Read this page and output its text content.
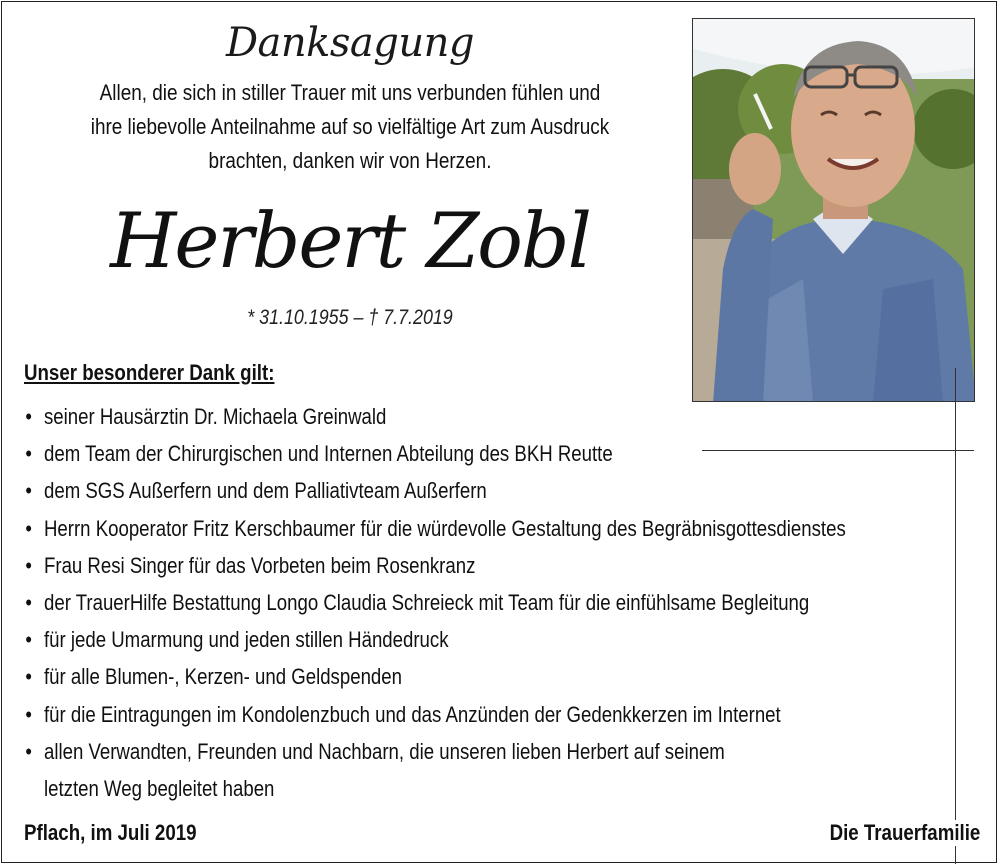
Danksagung
Allen, die sich in stiller Trauer mit uns verbunden fühlen und
ihre liebevolle Anteilnahme auf so vielfältige Art zum Ausdruck
brachten, danken wir von Herzen.
Herbert Zobl
* 31.10.1955 – † 7.7.2019
Unser besonderer Dank gilt:
• seiner Hausärztin Dr. Michaela Greinwald
• dem Team der Chirurgischen und Internen Abteilung des BKH Reutte
• dem SGS Außerfern und dem Palliativteam Außerfern
• Herrn Kooperator Fritz Kerschbaumer für die würdevolle Gestaltung des Begräbnisgottesdienstes
• Frau Resi Singer für das Vorbeten beim Rosenkranz
• der TrauerHilfe Bestattung Longo Claudia Schreieck mit Team für die einfühlsame Begleitung
• für jede Umarmung und jeden stillen Händedruck
• für alle Blumen-, Kerzen- und Geldspenden
• für die Eintragungen im Kondolenzbuch und das Anzünden der Gedenkkerzen im Internet
• allen Verwandten, Freunden und Nachbarn, die unseren lieben Herbert auf seinem
letzten Weg begleitet haben
Pflach, im Juli 2019	Die Trauerfamilie
